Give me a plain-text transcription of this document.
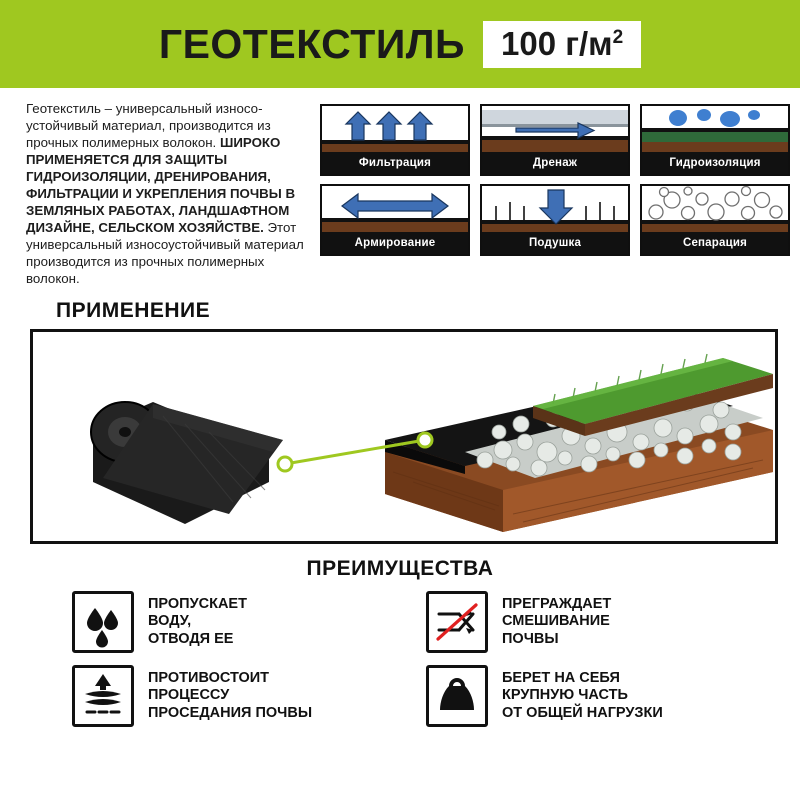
ГЕОТЕКСТИЛЬ	100 $г/м^2$
Геотекстиль – универсальный износо-устойчивый материал, производится из прочных полимерных волокон. ШИРОКО ПРИМЕНЯЕТСЯ ДЛЯ ЗАЩИТЫ ГИДРОИЗОЛЯЦИИ, ДРЕНИРОВАНИЯ, ФИЛЬТРАЦИИ И УКРЕПЛЕНИЯ ПОЧВЫ В ЗЕМЛЯНЫХ РАБОТАХ, ЛАНДШАФТНОМ ДИЗАЙНЕ, СЕЛЬСКОМ ХОЗЯЙСТВЕ. Этот универсальный износоустойчивый материал производится из прочных полимерных волокон.
Фильтрация	Дренаж	Гидроизоляция
Армирование	Подушка	Сепарация
ПРИМЕНЕНИЕ
ПРЕИМУЩЕСТВА
ПРОПУСКАЕТ
ВОДУ,
ОТВОДЯ ЕЕ
ПРЕГРАЖДАЕТ
СМЕШИВАНИЕ
ПОЧВЫ
ПРОТИВОСТОИТ
ПРОЦЕССУ
ПРОСЕДАНИЯ ПОЧВЫ
БЕРЕТ НА СЕБЯ
КРУПНУЮ ЧАСТЬ
ОТ ОБЩЕЙ НАГРУЗКИ
